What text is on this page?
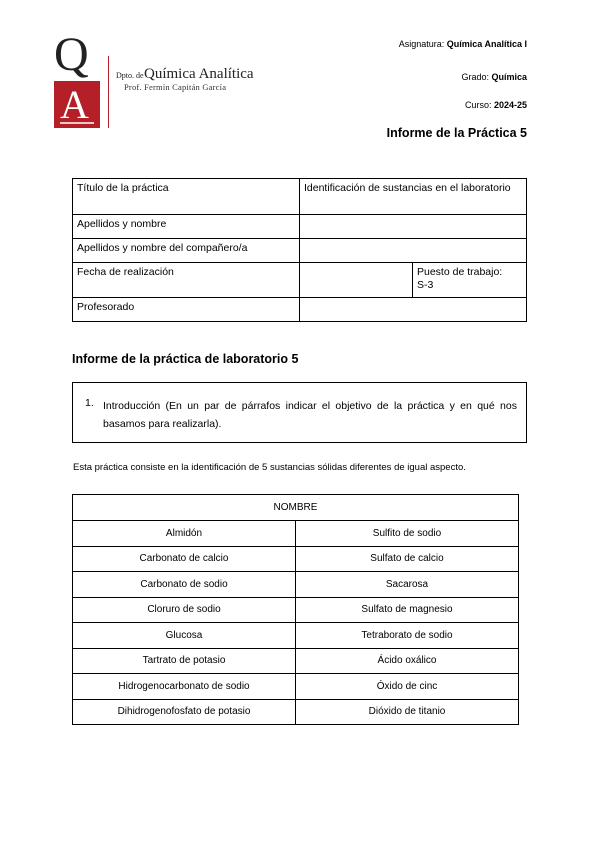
Q
A
Dpto. de Química Analítica
Prof. Fermín Capitán García
Asignatura: Química Analítica I
Grado: Química
Curso: 2024-25
Informe de la Práctica 5
Título de la práctica	Identificación de sustancias en el laboratorio	
Apellidos y nombre		
Apellidos y nombre del compañero/a		
Fecha de realización		Puesto de trabajo:
S-3

Profesorado		
Informe de la práctica de laboratorio 5
1. Introducción (En un par de párrafos indicar el objetivo de la práctica y en qué nos basamos para realizarla).
Esta práctica consiste en la identificación de 5 sustancias sólidas diferentes de igual aspecto.
NOMBRE	
Almidón	Sulfito de sodio
Carbonato de calcio	Sulfato de calcio
Carbonato de sodio	Sacarosa
Cloruro de sodio	Sulfato de magnesio
Glucosa	Tetraborato de sodio
Tartrato de potasio	Ácido oxálico
Hidrogenocarbonato de sodio	Óxido de cinc
Dihidrogenofosfato de potasio	Dióxido de titanio
